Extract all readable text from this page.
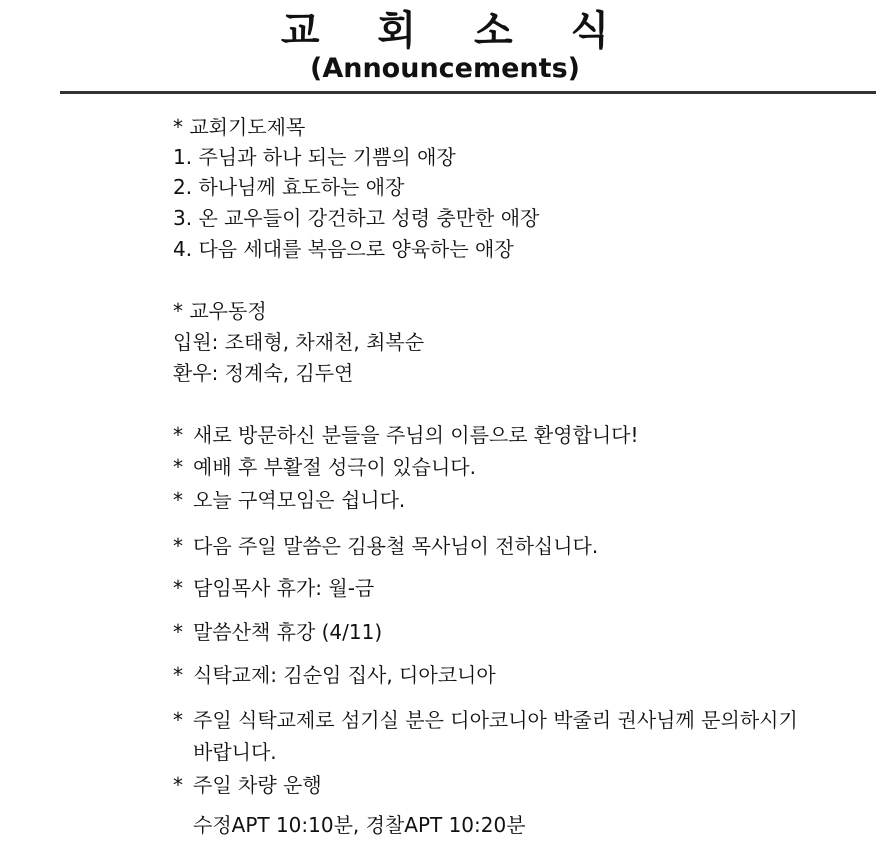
교 회 소 식
(Announcements)
* 교회기도제목
1. 주님과 하나 되는 기쁨의 애장
2. 하나님께 효도하는 애장
3. 온 교우들이 강건하고 성령 충만한 애장
4. 다음 세대를 복음으로 양육하는 애장
* 교우동정
입원: 조태형, 차재천, 최복순
환우: 정계숙, 김두연
* 새로 방문하신 분들을 주님의 이름으로 환영합니다!
* 예배 후 부활절 성극이 있습니다.
* 오늘 구역모임은 쉽니다.
* 다음 주일 말씀은 김용철 목사님이 전하십니다.
* 담임목사 휴가: 월-금
* 말씀산책 휴강 (4/11)
* 식탁교제: 김순임 집사, 디아코니아
* 주일 식탁교제로 섬기실 분은 디아코니아 박줄리 권사님께 문의하시기
바랍니다.
* 주일 차량 운행
수정APT 10:10분, 경찰APT 10:20분
